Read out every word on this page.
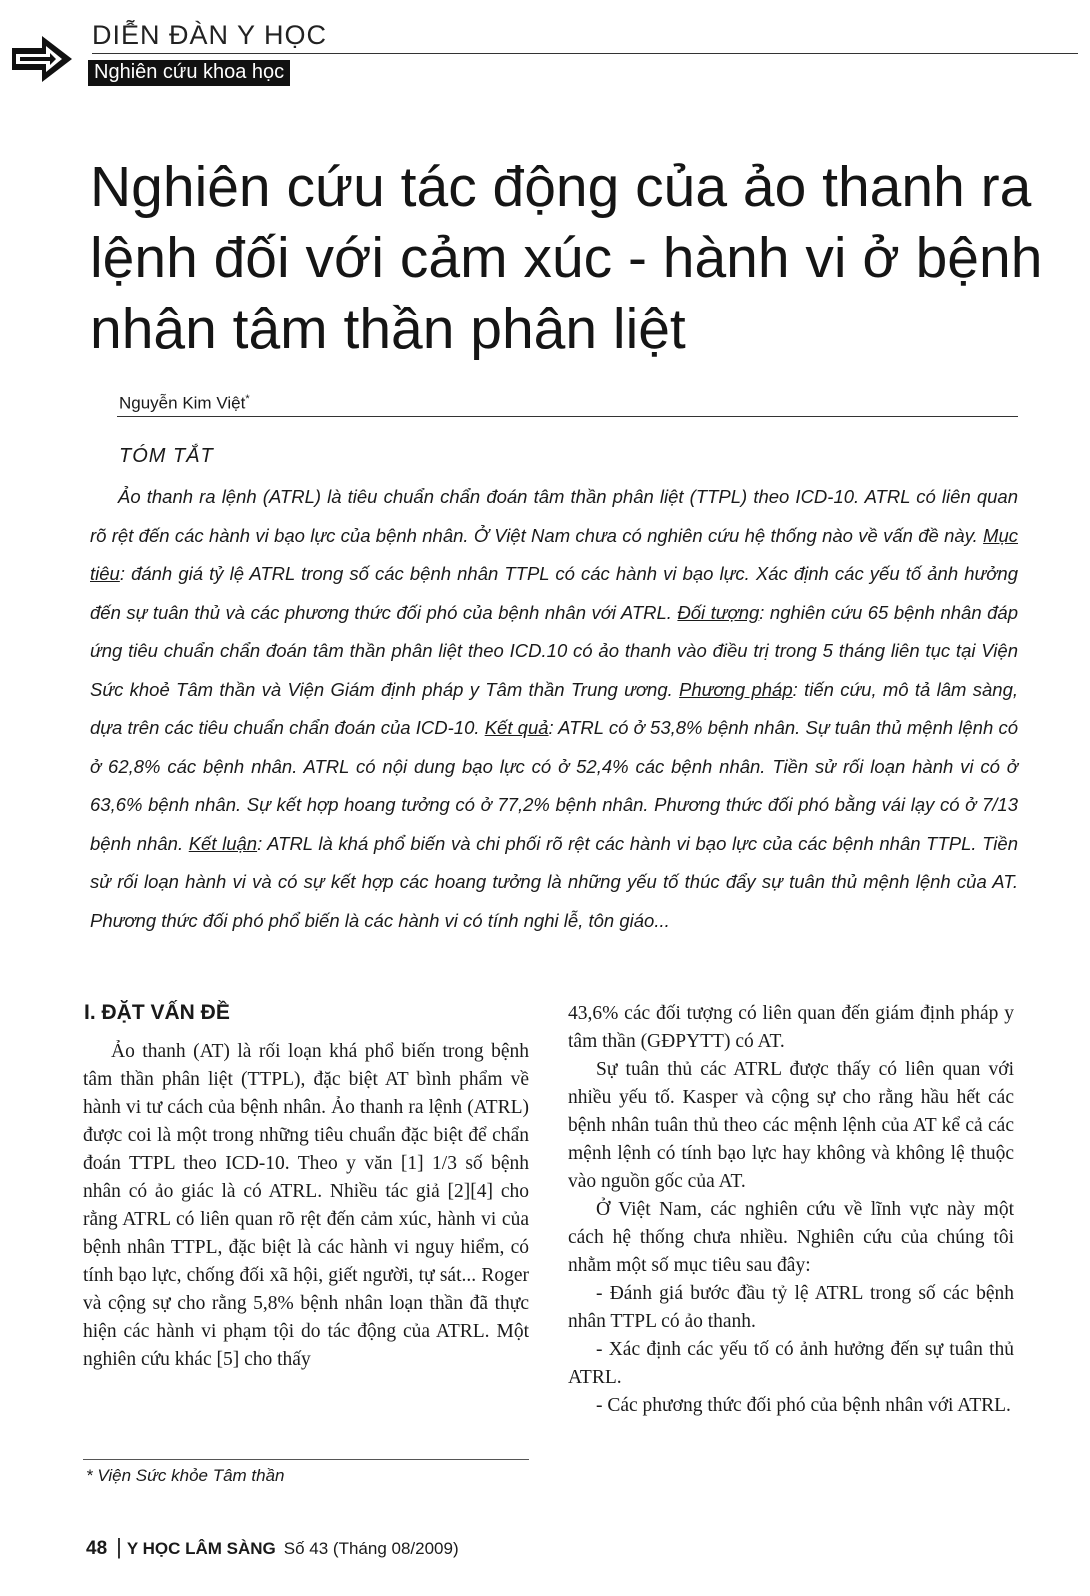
DIỄN ĐÀN Y HỌC
Nghiên cứu khoa học
Nghiên cứu tác động của ảo thanh ra lệnh đối với cảm xúc - hành vi ở bệnh nhân tâm thần phân liệt
Nguyễn Kim Việt*
TÓM TẮT

Ảo thanh ra lệnh (ATRL) là tiêu chuẩn chẩn đoán tâm thần phân liệt (TTPL) theo ICD-10. ATRL có liên quan rõ rệt đến các hành vi bạo lực của bệnh nhân. Ở Việt Nam chưa có nghiên cứu hệ thống nào về vấn đề này. Mục tiêu: đánh giá tỷ lệ ATRL trong số các bệnh nhân TTPL có các hành vi bạo lực. Xác định các yếu tố ảnh hưởng đến sự tuân thủ và các phương thức đối phó của bệnh nhân với ATRL. Đối tượng: nghiên cứu 65 bệnh nhân đáp ứng tiêu chuẩn chẩn đoán tâm thần phân liệt theo ICD.10 có ảo thanh vào điều trị trong 5 tháng liên tục tại Viện Sức khoẻ Tâm thần và Viện Giám định pháp y Tâm thần Trung ương. Phương pháp: tiến cứu, mô tả lâm sàng, dựa trên các tiêu chuẩn chẩn đoán của ICD-10. Kết quả: ATRL có ở 53,8% bệnh nhân. Sự tuân thủ mệnh lệnh có ở 62,8% các bệnh nhân. ATRL có nội dung bạo lực có ở 52,4% các bệnh nhân. Tiền sử rối loạn hành vi có ở 63,6% bệnh nhân. Sự kết hợp hoang tưởng có ở 77,2% bệnh nhân. Phương thức đối phó bằng vái lạy có ở 7/13 bệnh nhân. Kết luận: ATRL là khá phổ biến và chi phối rõ rệt các hành vi bạo lực của các bệnh nhân TTPL. Tiền sử rối loạn hành vi và có sự kết hợp các hoang tưởng là những yếu tố thúc đẩy sự tuân thủ mệnh lệnh của AT. Phương thức đối phó phổ biến là các hành vi có tính nghi lễ, tôn giáo...

I. ĐẶT VẤN ĐỀ

Ảo thanh (AT) là rối loạn khá phổ biến trong bệnh tâm thần phân liệt (TTPL), đặc biệt AT bình phẩm về hành vi tư cách của bệnh nhân. Ảo thanh ra lệnh (ATRL) được coi là một trong những tiêu chuẩn đặc biệt để chẩn đoán TTPL theo ICD-10. Theo y văn [1] 1/3 số bệnh nhân có ảo giác là có ATRL. Nhiều tác giả [2][4] cho rằng ATRL có liên quan rõ rệt đến cảm xúc, hành vi của bệnh nhân TTPL, đặc biệt là các hành vi nguy hiểm, có tính bạo lực, chống đối xã hội, giết người, tự sát... Roger và cộng sự cho rằng 5,8% bệnh nhân loạn thần đã thực hiện các hành vi phạm tội do tác động của ATRL. Một nghiên cứu khác [5] cho thấy

43,6% các đối tượng có liên quan đến giám định pháp y tâm thần (GĐPYTT) có AT.

Sự tuân thủ các ATRL được thấy có liên quan với nhiều yếu tố. Kasper và cộng sự cho rằng hầu hết các bệnh nhân tuân thủ theo các mệnh lệnh của AT kể cả các mệnh lệnh có tính bạo lực hay không và không lệ thuộc vào nguồn gốc của AT.

Ở Việt Nam, các nghiên cứu về lĩnh vực này một cách hệ thống chưa nhiều. Nghiên cứu của chúng tôi nhằm một số mục tiêu sau đây:

- Đánh giá bước đầu tỷ lệ ATRL trong số các bệnh nhân TTPL có ảo thanh.

- Xác định các yếu tố có ảnh hưởng đến sự tuân thủ ATRL.

- Các phương thức đối phó của bệnh nhân với ATRL.

* Viện Sức khỏe Tâm thần
48 | Y HỌC LÂM SÀNG Số 43 (Tháng 08/2009)
